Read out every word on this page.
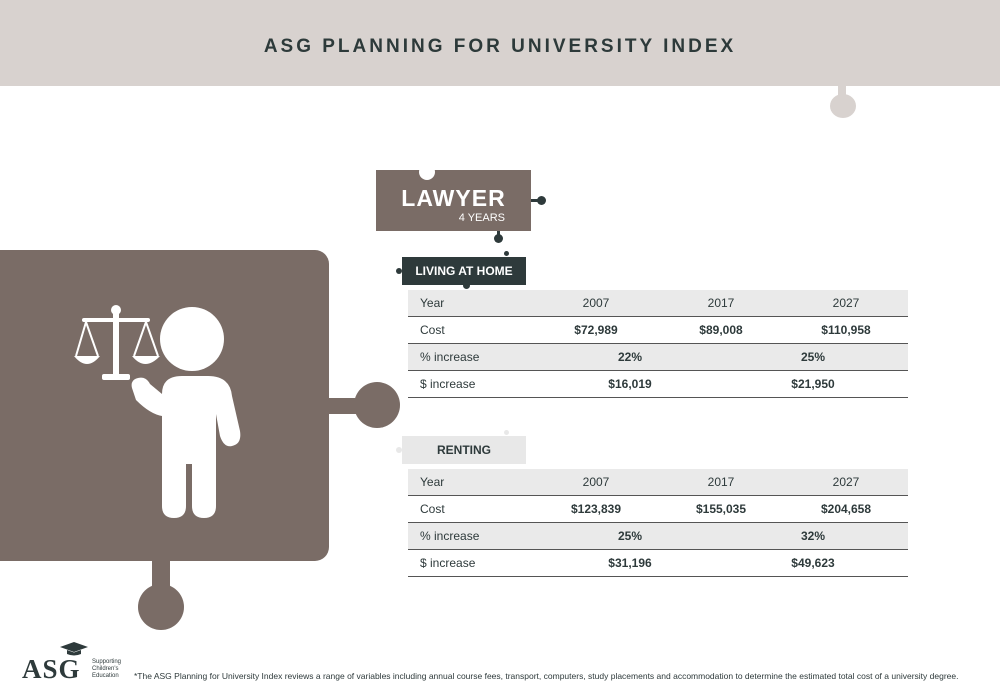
ASG PLANNING FOR UNIVERSITY INDEX
LAWYER
4 YEARS
LIVING AT HOME
Year	2007	2017	2027
Cost	$72,989	$89,008	$110,958
% increase	22%	25%
$ increase	$16,019	$21,950
RENTING
Year	2007	2017	2027
Cost	$123,839	$155,035	$204,658
% increase	25%	32%
$ increase	$31,196	$49,623
ASG Supporting
Children's
Education *The ASG Planning for University Index reviews a range of variables including annual course fees, transport, computers, study placements and accommodation to determine the estimated total cost of a university degree.
